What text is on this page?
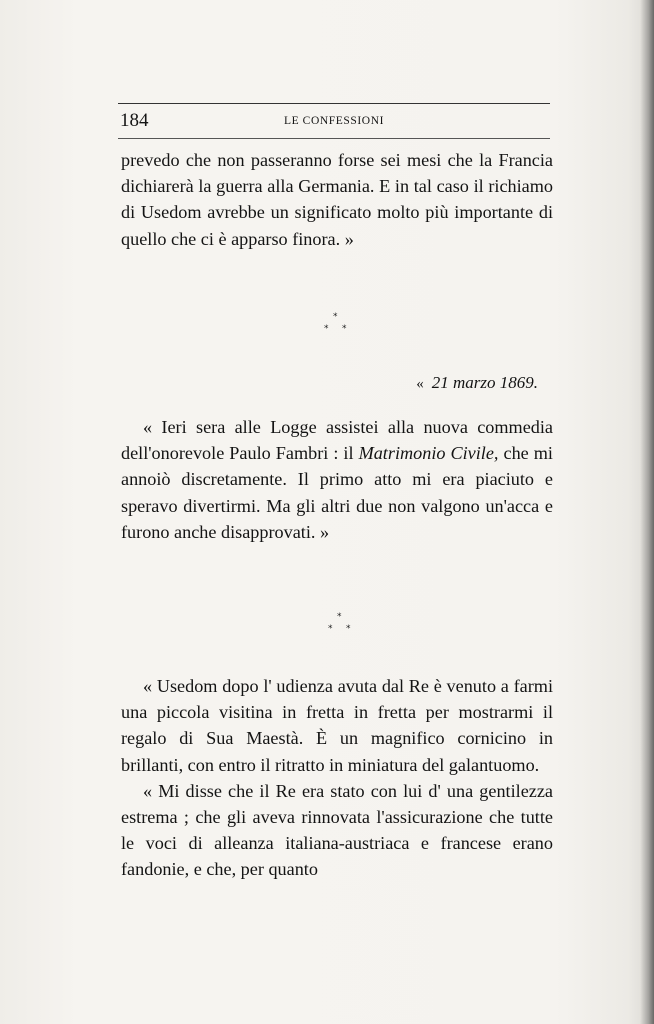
184	LE CONFESSIONI

prevedo che non passeranno forse sei mesi che la Francia dichiarerà la guerra alla Germania. E in tal caso il richiamo di Usedom avrebbe un significato molto più importante di quello che ci è apparso finora. »

*
* *
« 21 marzo 1869.

« Ieri sera alle Logge assistei alla nuova commedia dell'onorevole Paulo Fambri : il Matrimonio Civile, che mi annoiò discretamente. Il primo atto mi era piaciuto e speravo divertirmi. Ma gli altri due non valgono un'acca e furono anche disapprovati. »

*
* *

« Usedom dopo l' udienza avuta dal Re è venuto a farmi una piccola visitina in fretta in fretta per mostrarmi il regalo di Sua Maestà. È un magnifico cornicino in brillanti, con entro il ritratto in miniatura del galantuomo.

« Mi disse che il Re era stato con lui d' una gentilezza estrema ; che gli aveva rinnovata l'assicurazione che tutte le voci di alleanza italiana-austriaca e francese erano fandonie, e che, per quanto
